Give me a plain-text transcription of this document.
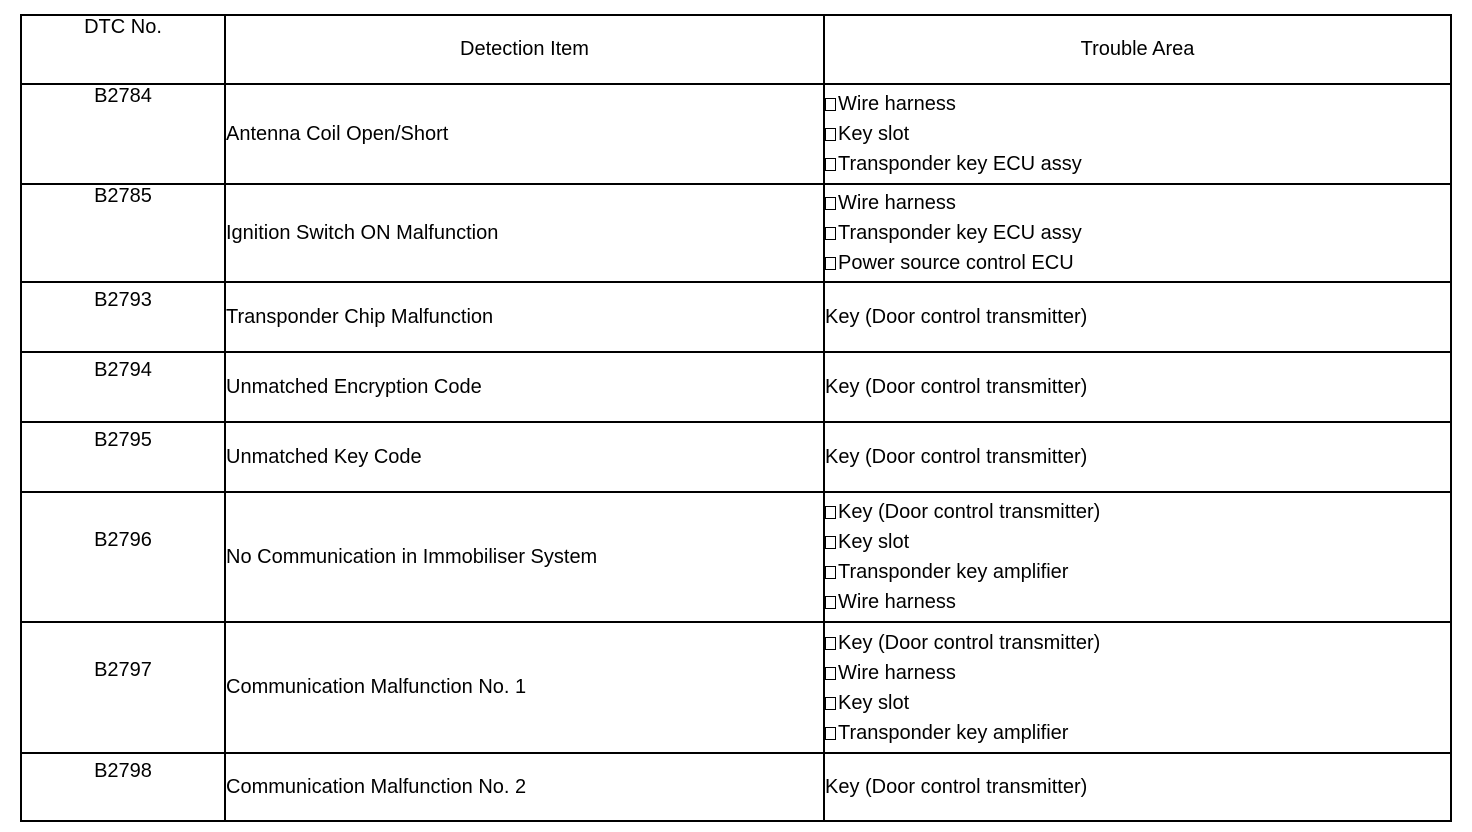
DTC No.	Detection Item	Trouble Area
B2784	Antenna Coil Open/Short	Wire harness
Key slot
Transponder key ECU assy

B2785	Ignition Switch ON Malfunction	Wire harness
Transponder key ECU assy
Power source control ECU

B2793	Transponder Chip Malfunction	Key (Door control transmitter)

B2794	Unmatched Encryption Code	Key (Door control transmitter)

B2795	Unmatched Key Code	Key (Door control transmitter)

B2796	No Communication in Immobiliser System	Key (Door control transmitter)
Key slot
Transponder key amplifier
Wire harness

B2797	Communication Malfunction No. 1	Key (Door control transmitter)
Wire harness
Key slot
Transponder key amplifier

B2798	Communication Malfunction No. 2	Key (Door control transmitter)
